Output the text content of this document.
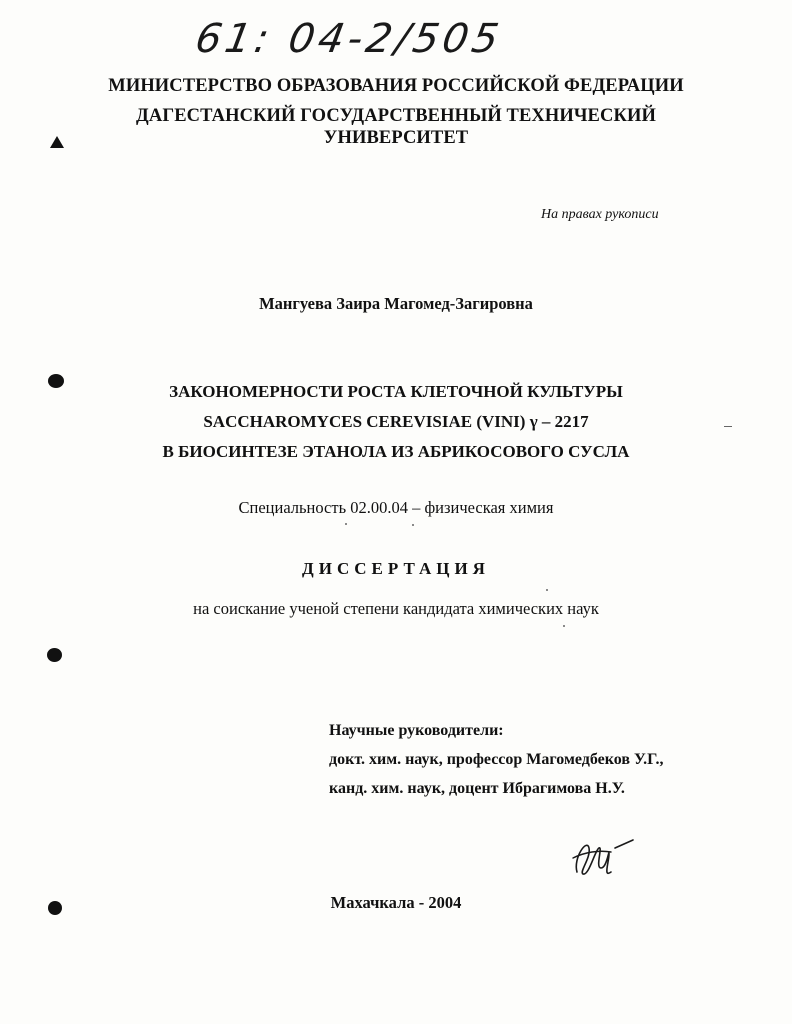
61: 04-2/505
МИНИСТЕРСТВО ОБРАЗОВАНИЯ РОССИЙСКОЙ ФЕДЕРАЦИИ
ДАГЕСТАНСКИЙ ГОСУДАРСТВЕННЫЙ ТЕХНИЧЕСКИЙ
УНИВЕРСИТЕТ
На правах рукописи
Мангуева Заира Магомед-Загировна
ЗАКОНОМЕРНОСТИ РОСТА КЛЕТОЧНОЙ КУЛЬТУРЫ
SACCHAROMYCES CEREVISIAE (VINI) γ – 2217
В БИОСИНТЕЗЕ ЭТАНОЛА ИЗ АБРИКОСОВОГО СУСЛА
Специальность 02.00.04 – физическая химия
ДИССЕРТАЦИЯ
на соискание ученой степени кандидата химических наук
Научные руководители:
докт. хим. наук, профессор Магомедбеков У.Г.,
канд. хим. наук, доцент Ибрагимова Н.У.
Махачкала - 2004
